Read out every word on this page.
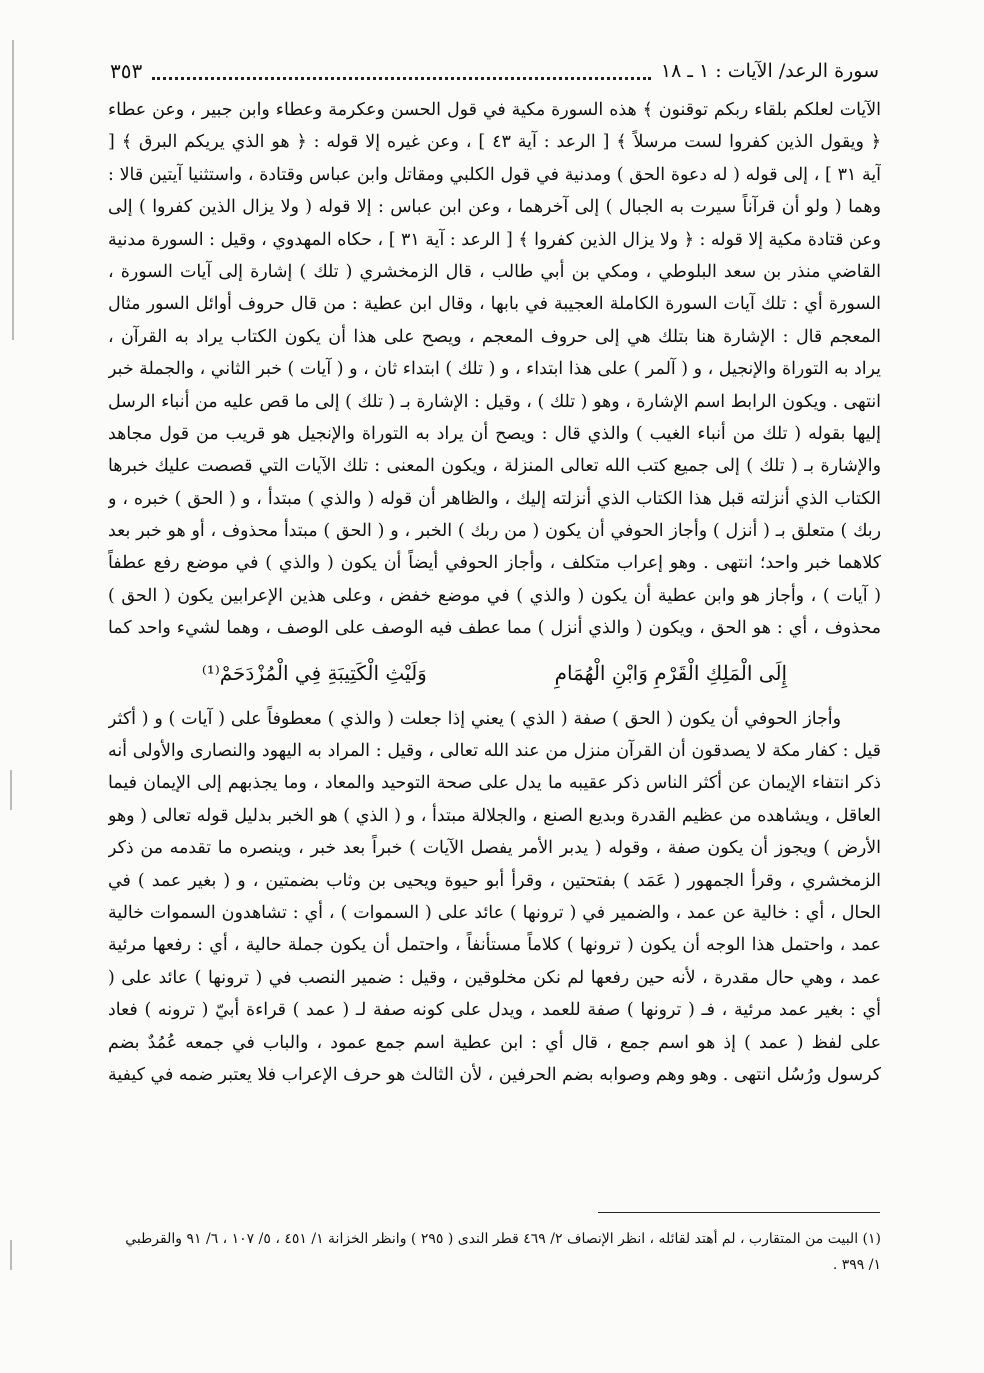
سورة الرعد/ الآيات : ١ ـ ١٨
٣٥٣
الآيات لعلكم بلقاء ربكم توقنون ﴾ هذه السورة مكية في قول الحسن وعكرمة وعطاء وابن جبير ، وعن عطاء
﴿ ويقول الذين كفروا لست مرسلاً ﴾ [ الرعد : آية ٤٣ ] ، وعن غيره إلا قوله : ﴿ هو الذي يريكم البرق ﴾ [
آية ٣١ ] ، إلى قوله ( له دعوة الحق ) ومدنية في قول الكلبي ومقاتل وابن عباس وقتادة ، واستثنيا آيتين قالا :
وهما ( ولو أن قرآناً سيرت به الجبال ) إلى آخرهما ، وعن ابن عباس : إلا قوله ( ولا يزال الذين كفروا ) إلى
وعن قتادة مكية إلا قوله : ﴿ ولا يزال الذين كفروا ﴾ [ الرعد : آية ٣١ ] ، حكاه المهدوي ، وقيل : السورة مدنية
القاضي منذر بن سعد البلوطي ، ومكي بن أبي طالب ، قال الزمخشري ( تلك ) إشارة إلى آيات السورة ،
السورة أي : تلك آيات السورة الكاملة العجيبة في بابها ، وقال ابن عطية : من قال حروف أوائل السور مثال
المعجم قال : الإشارة هنا بتلك هي إلى حروف المعجم ، ويصح على هذا أن يكون الكتاب يراد به القرآن ،
يراد به التوراة والإنجيل ، و ( آلمر ) على هذا ابتداء ، و ( تلك ) ابتداء ثان ، و ( آيات ) خبر الثاني ، والجملة خبر
انتهى . ويكون الرابط اسم الإشارة ، وهو ( تلك ) ، وقيل : الإشارة بـ ( تلك ) إلى ما قص عليه من أنباء الرسل
إليها بقوله ( تلك من أنباء الغيب ) والذي قال : ويصح أن يراد به التوراة والإنجيل هو قريب من قول مجاهد
والإشارة بـ ( تلك ) إلى جميع كتب الله تعالى المنزلة ، ويكون المعنى : تلك الآيات التي قصصت عليك خبرها
الكتاب الذي أنزلته قبل هذا الكتاب الذي أنزلته إليك ، والظاهر أن قوله ( والذي ) مبتدأ ، و ( الحق ) خبره ، و
ربك ) متعلق بـ ( أنزل ) وأجاز الحوفي أن يكون ( من ربك ) الخبر ، و ( الحق ) مبتدأ محذوف ، أو هو خبر بعد
كلاهما خبر واحد؛ انتهى . وهو إعراب متكلف ، وأجاز الحوفي أيضاً أن يكون ( والذي ) في موضع رفع عطفاً
( آيات ) ، وأجاز هو وابن عطية أن يكون ( والذي ) في موضع خفض ، وعلى هذين الإعرابين يكون ( الحق )
محذوف ، أي : هو الحق ، ويكون ( والذي أنزل ) مما عطف فيه الوصف على الوصف ، وهما لشيء واحد كما
إِلَى الْمَلِكِ الْقَرْمِ وَابْنِ الْهُمَامِ
وَلَيْثِ الْكَتِيبَةِ فِي الْمُزْدَحَمْ⁽¹⁾
وأجاز الحوفي أن يكون ( الحق ) صفة ( الذي ) يعني إذا جعلت ( والذي ) معطوفاً على ( آيات ) و ( أكثر
قيل : كفار مكة لا يصدقون أن القرآن منزل من عند الله تعالى ، وقيل : المراد به اليهود والنصارى والأولى أنه
ذكر انتفاء الإيمان عن أكثر الناس ذكر عقيبه ما يدل على صحة التوحيد والمعاد ، وما يجذبهم إلى الإيمان فيما
العاقل ، ويشاهده من عظيم القدرة وبديع الصنع ، والجلالة مبتدأ ، و ( الذي ) هو الخبر بدليل قوله تعالى ( وهو
الأرض ) ويجوز أن يكون صفة ، وقوله ( يدبر الأمر يفصل الآيات ) خبراً بعد خبر ، وينصره ما تقدمه من ذكر
الزمخشري ، وقرأ الجمهور ( عَمَد ) بفتحتين ، وقرأ أبو حيوة ويحيى بن وثاب بضمتين ، و ( بغير عمد ) في
الحال ، أي : خالية عن عمد ، والضمير في ( ترونها ) عائد على ( السموات ) ، أي : تشاهدون السموات خالية
عمد ، واحتمل هذا الوجه أن يكون ( ترونها ) كلاماً مستأنفاً ، واحتمل أن يكون جملة حالية ، أي : رفعها مرئية
عمد ، وهي حال مقدرة ، لأنه حين رفعها لم نكن مخلوقين ، وقيل : ضمير النصب في ( ترونها ) عائد على (
أي : بغير عمد مرئية ، فـ ( ترونها ) صفة للعمد ، ويدل على كونه صفة لـ ( عمد ) قراءة أبيّ ( ترونه ) فعاد
على لفظ ( عمد ) إذ هو اسم جمع ، قال أي : ابن عطية اسم جمع عمود ، والباب في جمعه عُمُدٌ بضم
كرسول ورُسُل انتهى . وهو وهم وصوابه بضم الحرفين ، لأن الثالث هو حرف الإعراب فلا يعتبر ضمه في كيفية
(١) البيت من المتقارب ، لم أهتد لقائله ، انظر الإنصاف ٢/ ٤٦٩ قطر الندى ( ٢٩٥ ) وانظر الخزانة ١/ ٤٥١ ، ٥/ ١٠٧ ، ٦/ ٩١ والقرطبي
١/ ٣٩٩ .
